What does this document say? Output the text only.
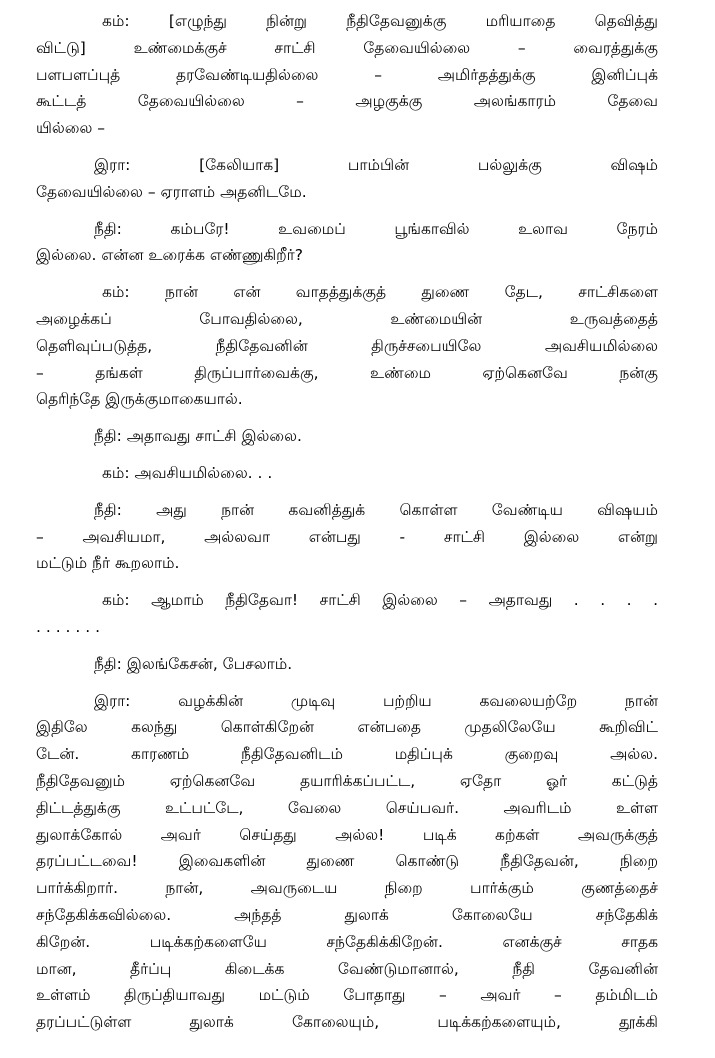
கம்: [எழுந்து நின்று நீதிதேவனுக்கு மரியாதை தெவித்து
விட்டு] உண்மைக்குச் சாட்சி தேவையில்லை – வைரத்துக்கு
பளபளப்புத் தரவேண்டியதில்லை – அமிர்தத்துக்கு இனிப்புக்
கூட்டத் தேவையில்லை – அழகுக்கு அலங்காரம் தேவை
யில்லை –
இரா: [கேலியாக] பாம்பின் பல்லுக்கு விஷம்
தேவையில்லை – ஏராளம் அதனிடமே.
நீதி: கம்பரே! உவமைப் பூங்காவில் உலாவ நேரம்
இல்லை. என்ன உரைக்க எண்ணுகிறீர்?
கம்: நான் என் வாதத்துக்குத் துணை தேட, சாட்சிகளை
அழைக்கப் போவதில்லை, உண்மையின் உருவத்தைத்
தெளிவுப்படுத்த, நீதிதேவனின் திருச்சபையிலே அவசியமில்லை
– தங்கள் திருப்பார்வைக்கு, உண்மை ஏற்கெனவே நன்கு
தெரிந்தே இருக்குமாகையால்.
நீதி: அதாவது சாட்சி இல்லை.
கம்: அவசியமில்லை. . .
நீதி: அது நான் கவனித்துக் கொள்ள வேண்டிய விஷயம்
– அவசியமா, அல்லவா என்பது - சாட்சி இல்லை என்று
மட்டும் நீர் கூறலாம்.
கம்: ஆமாம் நீதிதேவா! சாட்சி இல்லை – அதாவது . . . .
. . . . . . .
நீதி: இலங்கேசன், பேசலாம்.
இரா: வழக்கின் முடிவு பற்றிய கவலையற்றே நான்
இதிலே கலந்து கொள்கிறேன் என்பதை முதலிலேயே கூறிவிட்
டேன். காரணம் நீதிதேவனிடம் மதிப்புக் குறைவு அல்ல.
நீதிதேவனும் ஏற்கெனவே தயாரிக்கப்பட்ட, ஏதோ ஓர் கட்டுத்
திட்டத்துக்கு உட்பட்டே, வேலை செய்பவர். அவரிடம் உள்ள
துலாக்கோல் அவர் செய்தது அல்ல! படிக் கற்கள் அவருக்குத்
தரப்பட்டவை! இவைகளின் துணை கொண்டு நீதிதேவன், நிறை
பார்க்கிறார். நான், அவருடைய நிறை பார்க்கும் குணத்தைச்
சந்தேகிக்கவில்லை. அந்தத் துலாக் கோலையே சந்தேகிக்
கிறேன். படிக்கற்களையே சந்தேகிக்கிறேன். எனக்குச் சாதக
மான, தீர்ப்பு கிடைக்க வேண்டுமானால், நீதி தேவனின்
உள்ளம் திருப்தியாவது மட்டும் போதாது – அவர் – தம்மிடம்
தரப்பட்டுள்ள துலாக் கோலையும், படிக்கற்களையும், தூக்கி
